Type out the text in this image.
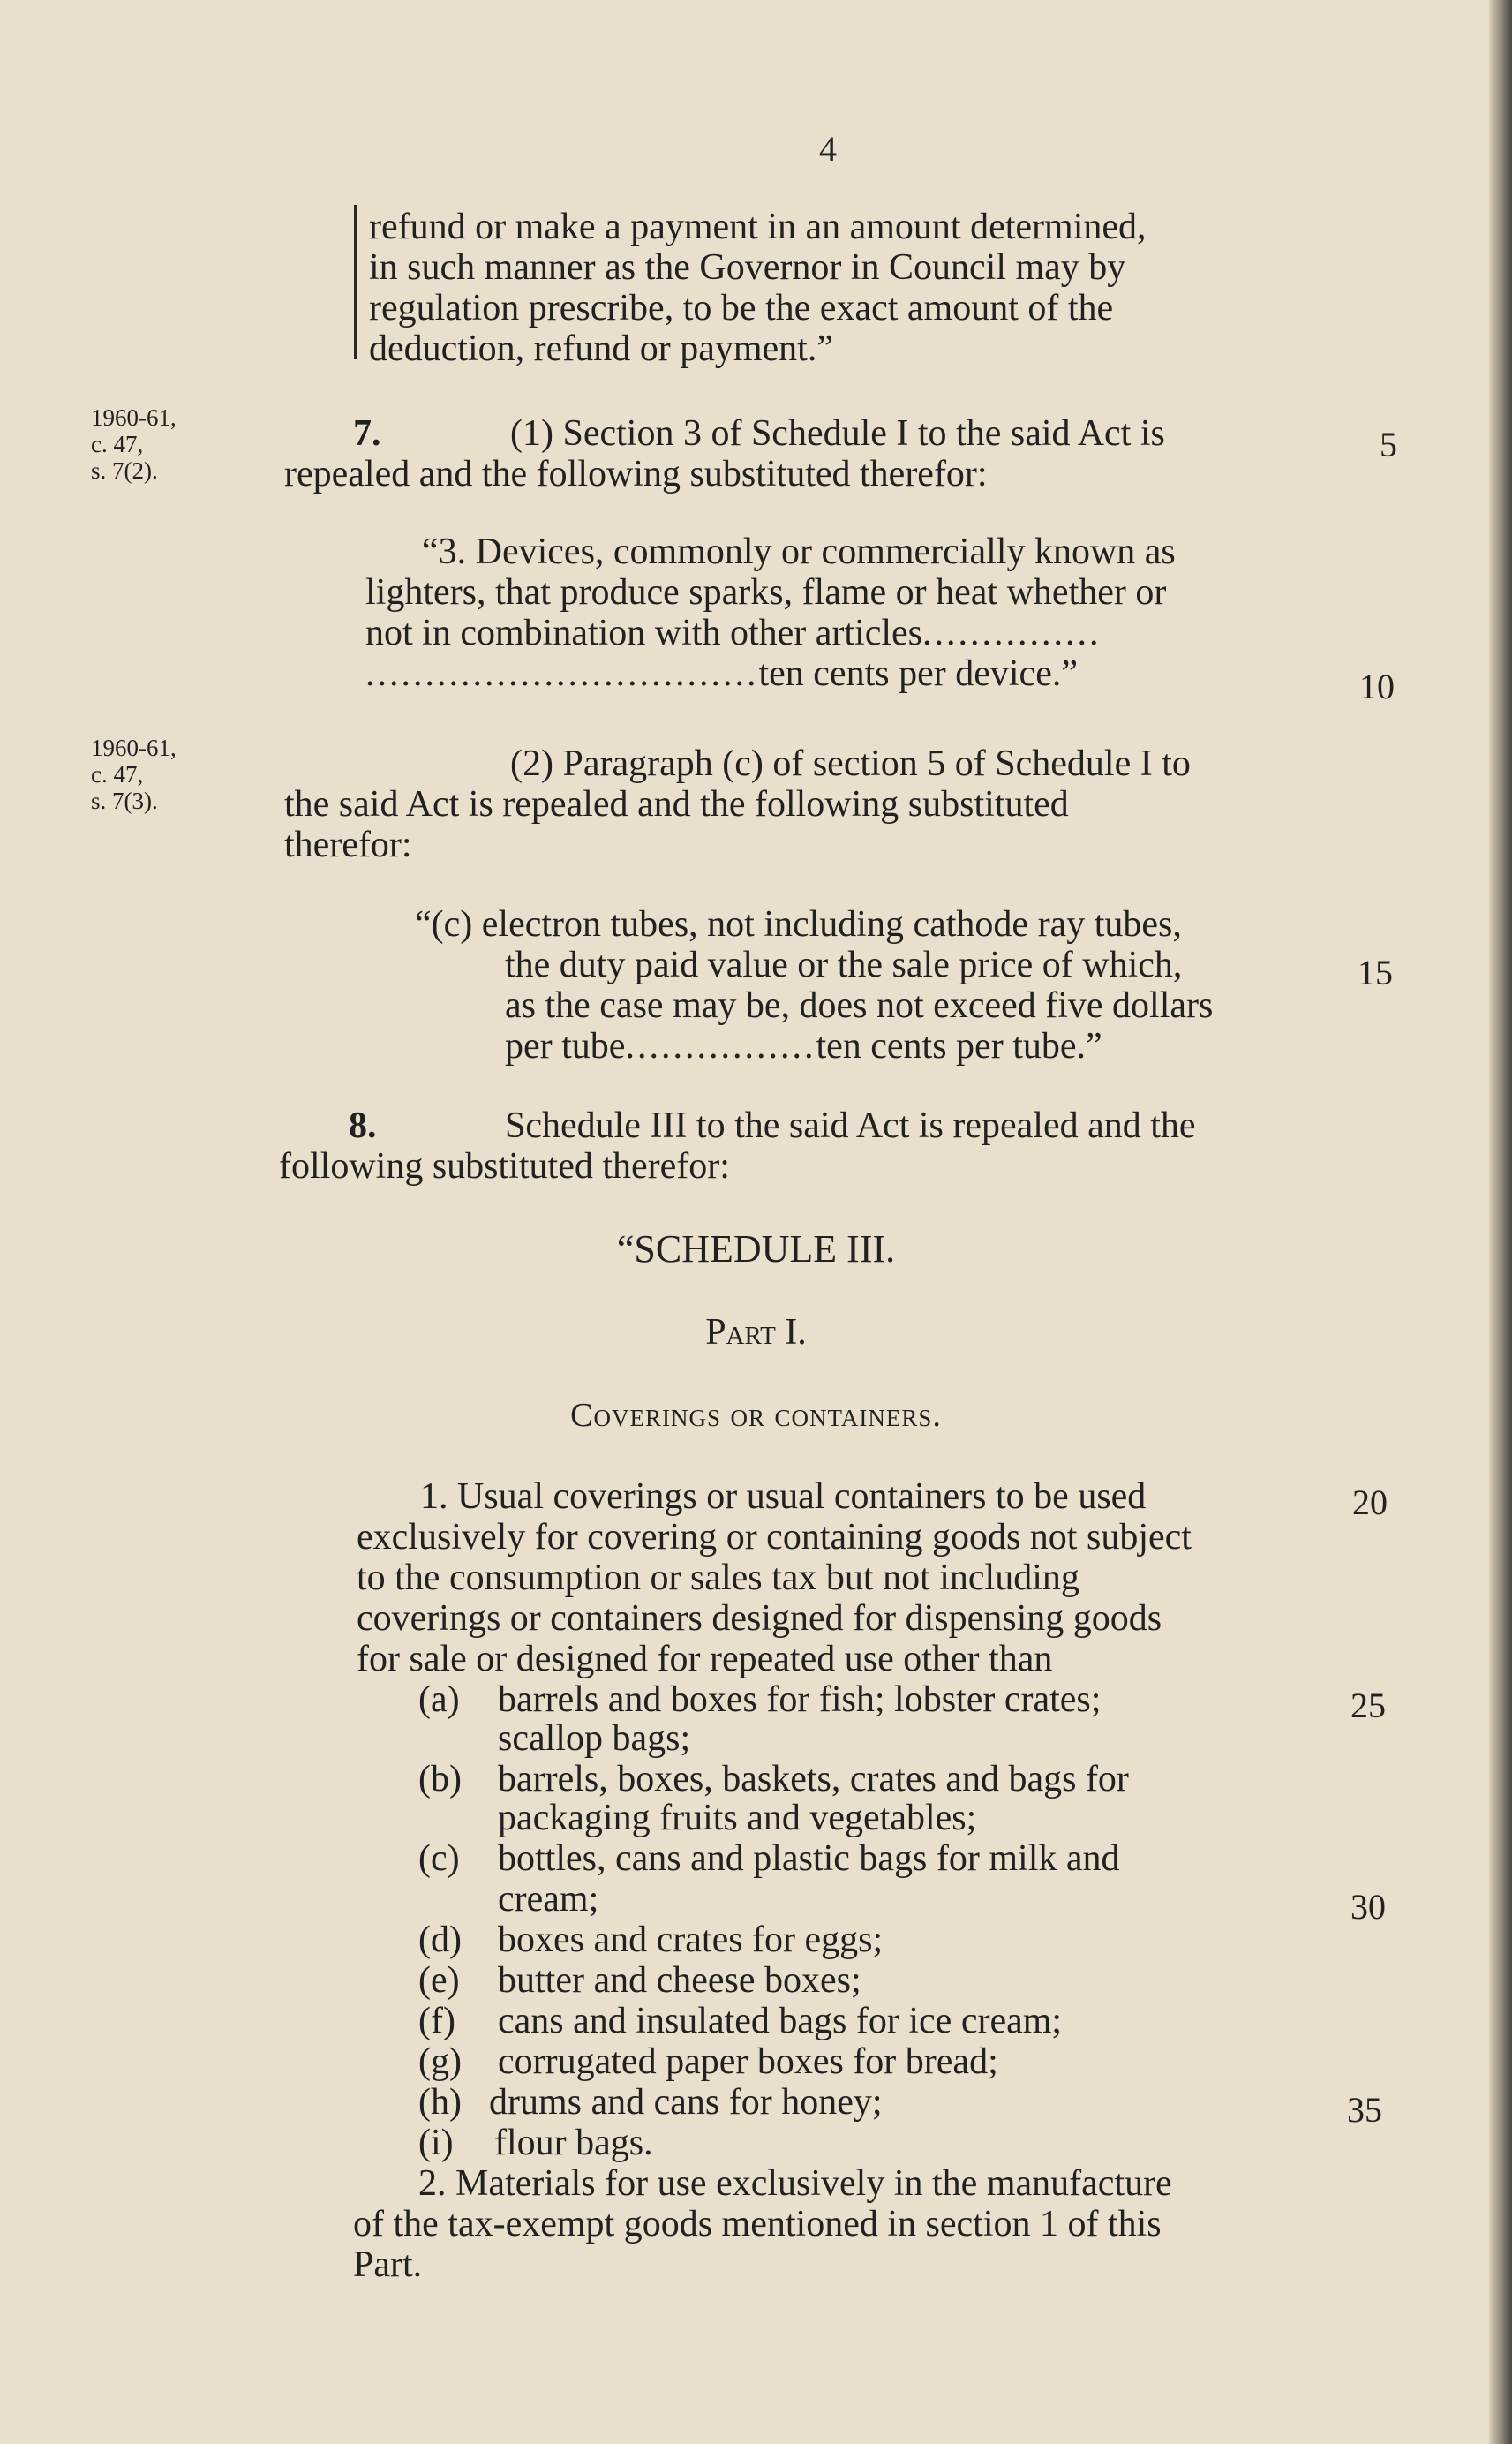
4
refund or make a payment in an amount determined,
in such manner as the Governor in Council may by
regulation prescribe, to be the exact amount of the
deduction, refund or payment.”
1960-61,
c. 47,
s. 7(2).
7.	(1) Section 3 of Schedule I to the said Act is	5
repealed and the following substituted therefor:
“3. Devices, commonly or commercially known as
lighters, that produce sparks, flame or heat whether or
not in combination with other articles...............
.................................ten cents per device.”	10
1960-61,
c. 47,
s. 7(3).
(2) Paragraph (c) of section 5 of Schedule I to
the said Act is repealed and the following substituted
therefor:
“(c) electron tubes, not including cathode ray tubes,
the duty paid value or the sale price of which,	15
as the case may be, does not exceed five dollars
per tube................ten cents per tube.”
8.	Schedule III to the said Act is repealed and the
following substituted therefor:
“SCHEDULE III.
Part I.
Coverings or containers.
1. Usual coverings or usual containers to be used	20
exclusively for covering or containing goods not subject
to the consumption or sales tax but not including
coverings or containers designed for dispensing goods
for sale or designed for repeated use other than
(a) barrels and boxes for fish; lobster crates;	25
scallop bags;
(b) barrels, boxes, baskets, crates and bags for
packaging fruits and vegetables;
(c) bottles, cans and plastic bags for milk and
cream;	30
(d) boxes and crates for eggs;
(e) butter and cheese boxes;
(f) cans and insulated bags for ice cream;
(g) corrugated paper boxes for bread;
(h) drums and cans for honey;	35
(i) flour bags.
2. Materials for use exclusively in the manufacture
of the tax-exempt goods mentioned in section 1 of this
Part.
